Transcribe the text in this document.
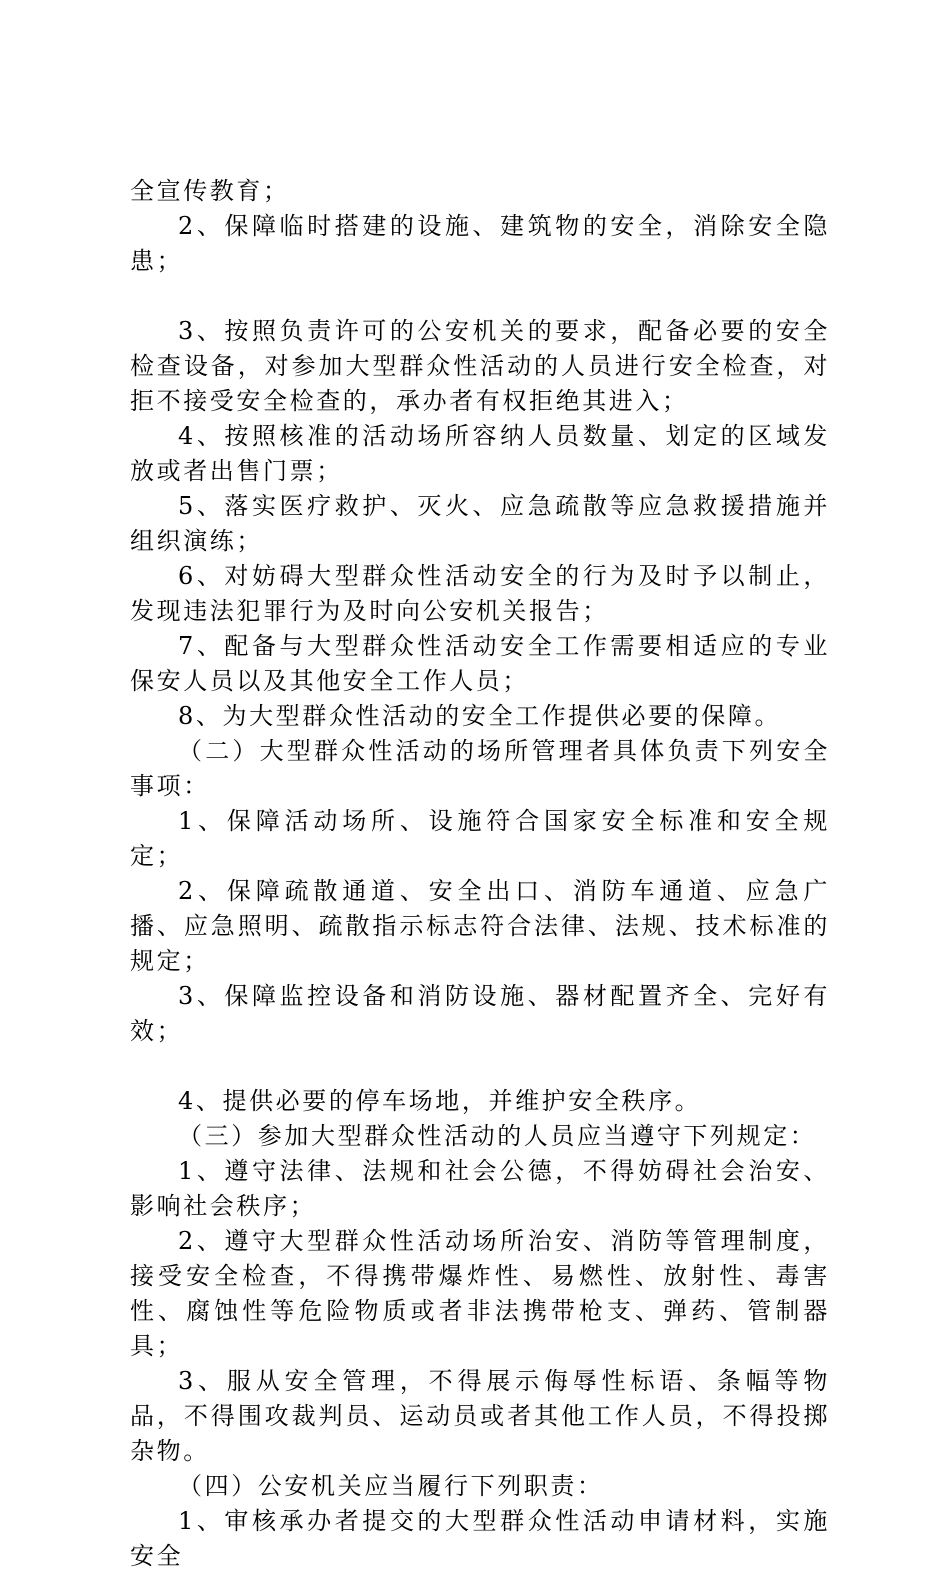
全宣传教育；

2、保障临时搭建的设施、建筑物的安全，消除安全隐患；

3、按照负责许可的公安机关的要求，配备必要的安全检查设备，对参加大型群众性活动的人员进行安全检查，对拒不接受安全检查的，承办者有权拒绝其进入；

4、按照核准的活动场所容纳人员数量、划定的区域发放或者出售门票；

5、落实医疗救护、灭火、应急疏散等应急救援措施并组织演练；

6、对妨碍大型群众性活动安全的行为及时予以制止，发现违法犯罪行为及时向公安机关报告；

7、配备与大型群众性活动安全工作需要相适应的专业保安人员以及其他安全工作人员；

8、为大型群众性活动的安全工作提供必要的保障。

（二）大型群众性活动的场所管理者具体负责下列安全事项：

1、保障活动场所、设施符合国家安全标准和安全规定；

2、保障疏散通道、安全出口、消防车通道、应急广播、应急照明、疏散指示标志符合法律、法规、技术标准的规定；

3、保障监控设备和消防设施、器材配置齐全、完好有效；

4、提供必要的停车场地，并维护安全秩序。

（三）参加大型群众性活动的人员应当遵守下列规定：

1、遵守法律、法规和社会公德，不得妨碍社会治安、影响社会秩序；

2、遵守大型群众性活动场所治安、消防等管理制度，接受安全检查，不得携带爆炸性、易燃性、放射性、毒害性、腐蚀性等危险物质或者非法携带枪支、弹药、管制器具；

3、服从安全管理，不得展示侮辱性标语、条幅等物品，不得围攻裁判员、运动员或者其他工作人员，不得投掷杂物。

（四）公安机关应当履行下列职责：

1、审核承办者提交的大型群众性活动申请材料，实施安全
